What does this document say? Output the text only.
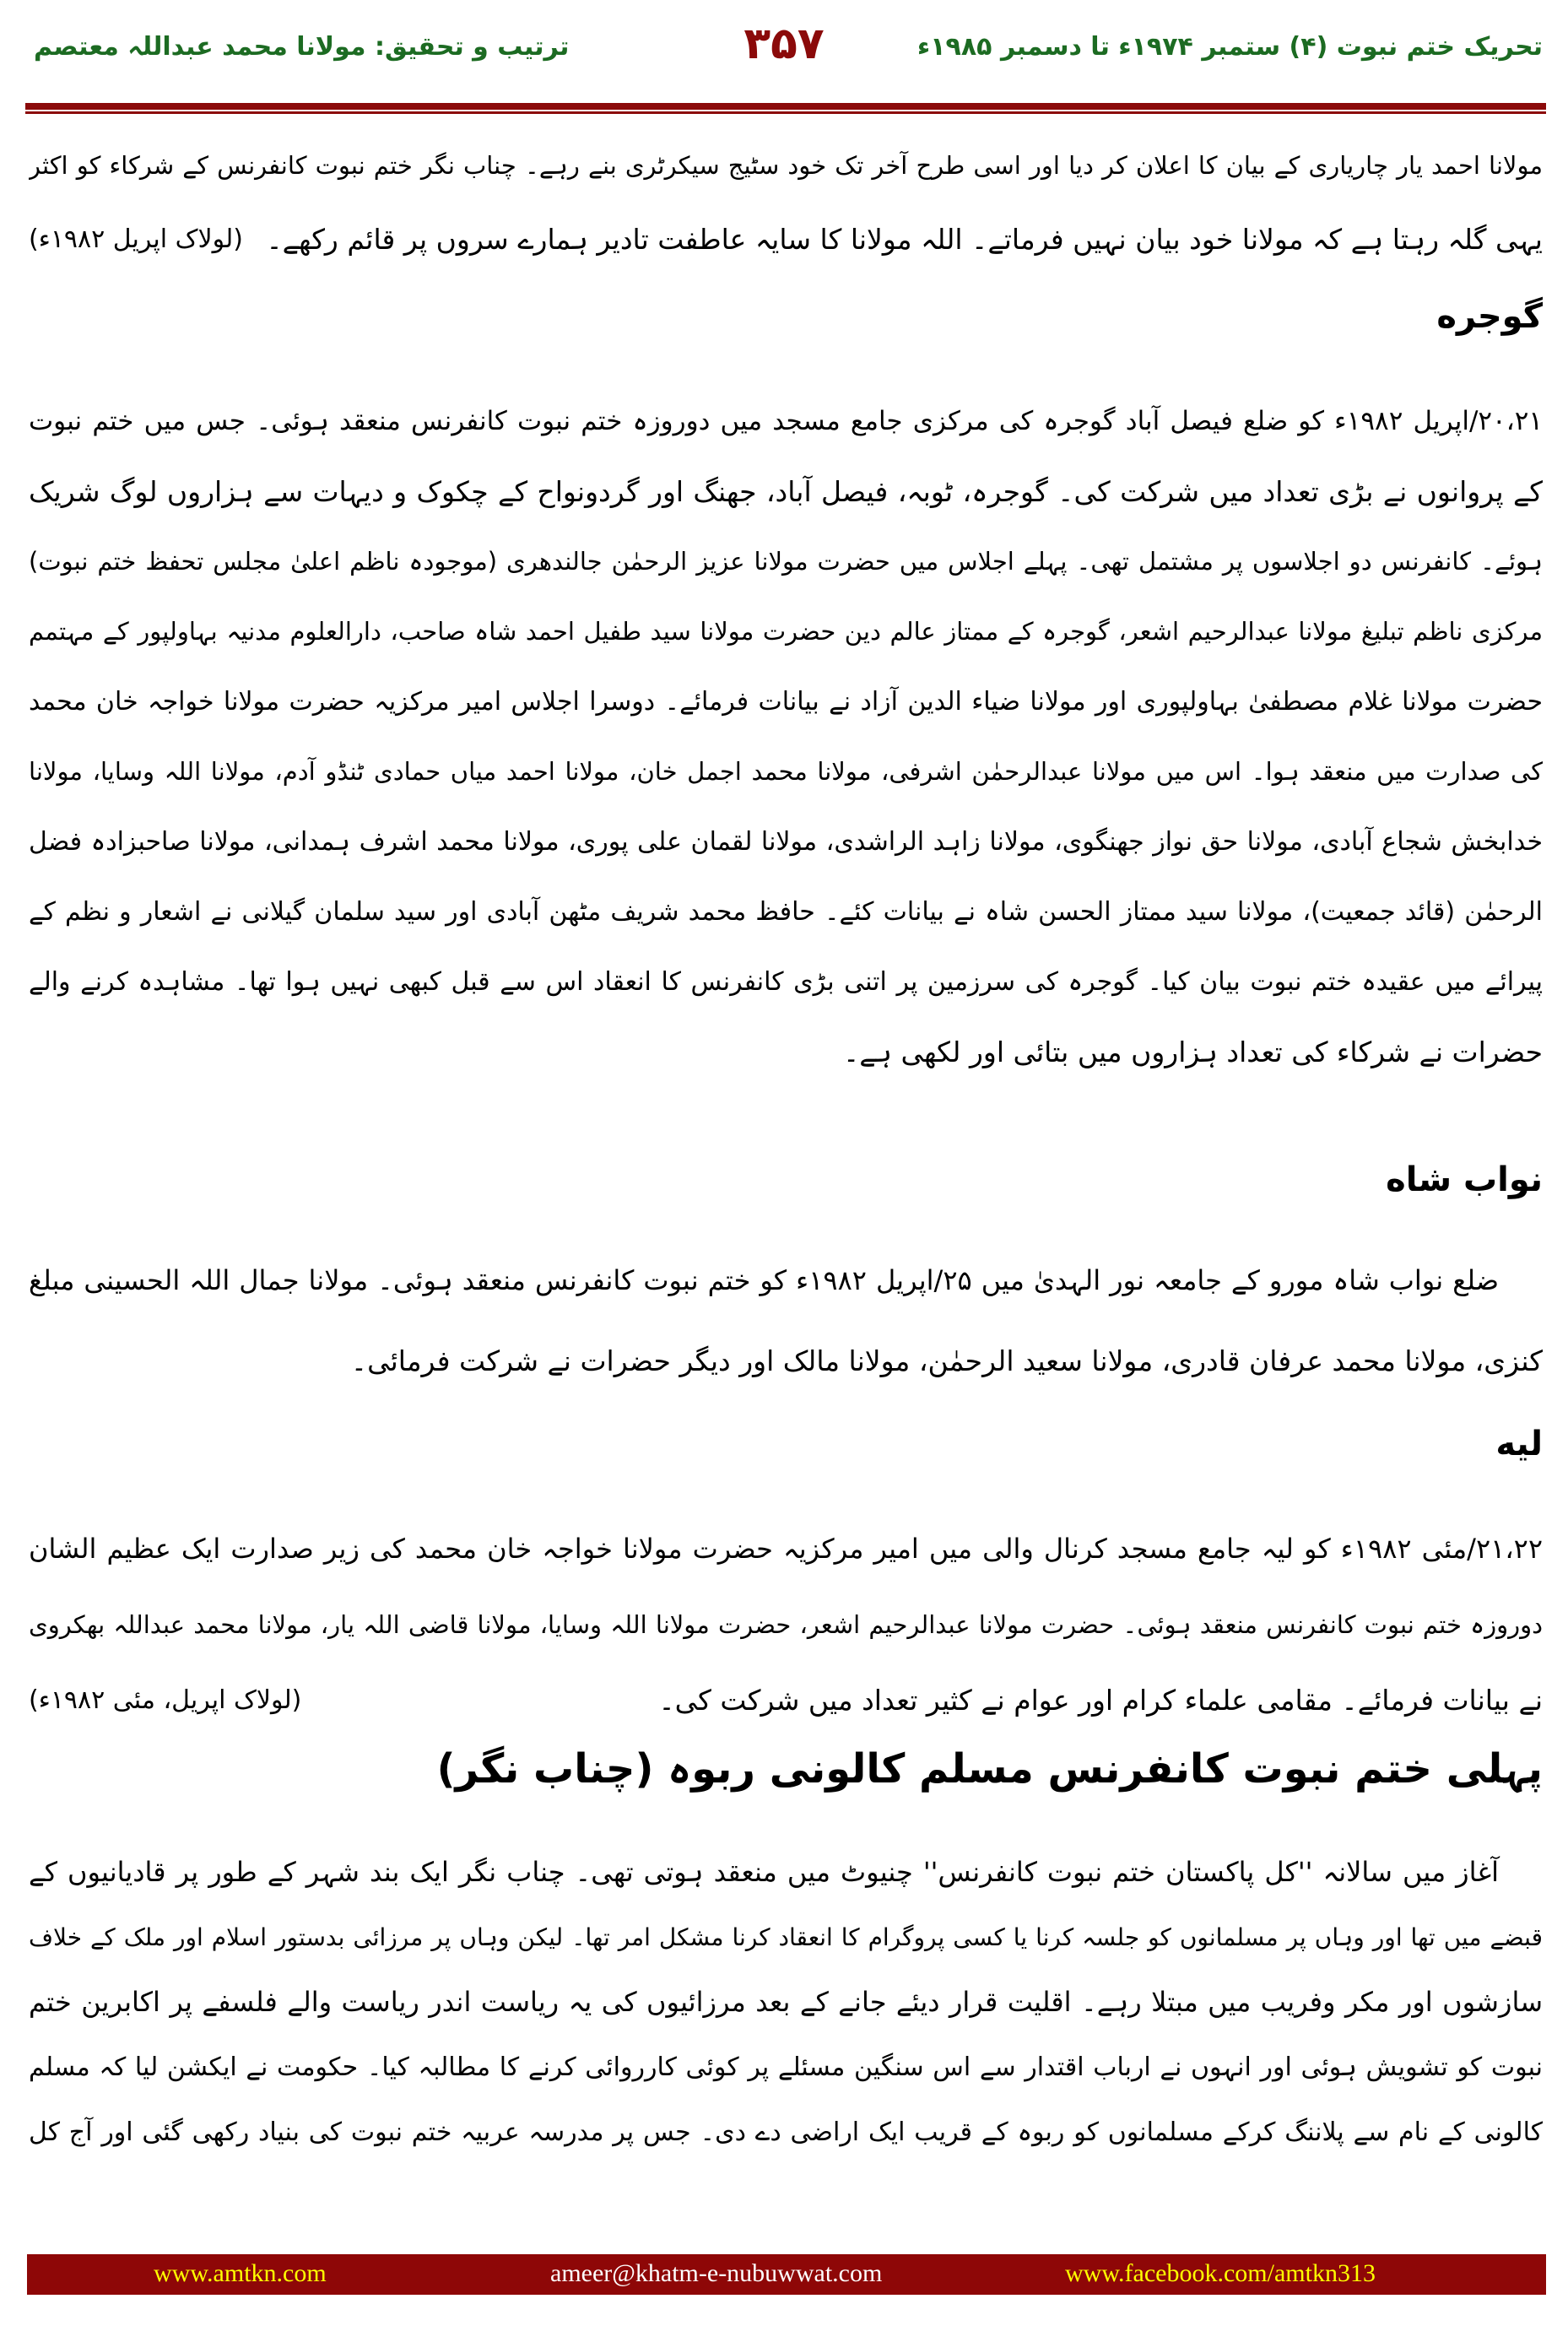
تحریک ختم نبوت (۴) ستمبر ۱۹۷۴ء تا دسمبر ۱۹۸۵ء
۳۵۷
ترتیب و تحقیق: مولانا محمد عبداللہ معتصم
مولانا احمد یار چاریاری کے بیان کا اعلان کر دیا اور اسی طرح آخر تک خود سٹیج سیکرٹری بنے رہے۔ چناب نگر ختم نبوت کانفرنس کے شرکاء کو اکثر
یہی گلہ رہتا ہے کہ مولانا خود بیان نہیں فرماتے۔ اللہ مولانا کا سایہ عاطفت تادیر ہمارے سروں پر قائم رکھے۔
(لولاک اپریل ۱۹۸۲ء)
گوجره
۲۰،۲۱/اپریل ۱۹۸۲ء کو ضلع فیصل آباد گوجرہ کی مرکزی جامع مسجد میں دوروزہ ختم نبوت کانفرنس منعقد ہوئی۔ جس میں ختم نبوت
کے پروانوں نے بڑی تعداد میں شرکت کی۔ گوجرہ، ٹوبہ، فیصل آباد، جھنگ اور گردونواح کے چکوک و دیہات سے ہزاروں لوگ شریک
ہوئے۔ کانفرنس دو اجلاسوں پر مشتمل تھی۔ پہلے اجلاس میں حضرت مولانا عزیز الرحمٰن جالندھری (موجودہ ناظم اعلیٰ مجلس تحفظ ختم نبوت)
مرکزی ناظم تبلیغ مولانا عبدالرحیم اشعر، گوجرہ کے ممتاز عالم دین حضرت مولانا سید طفیل احمد شاہ صاحب، دارالعلوم مدنیہ بہاولپور کے مہتمم
حضرت مولانا غلام مصطفیٰ بہاولپوری اور مولانا ضیاء الدین آزاد نے بیانات فرمائے۔ دوسرا اجلاس امیر مرکزیہ حضرت مولانا خواجہ خان محمد
کی صدارت میں منعقد ہوا۔ اس میں مولانا عبدالرحمٰن اشرفی، مولانا محمد اجمل خان، مولانا احمد میاں حمادی ٹنڈو آدم، مولانا اللہ وسایا، مولانا
خدابخش شجاع آبادی، مولانا حق نواز جھنگوی، مولانا زاہد الراشدی، مولانا لقمان علی پوری، مولانا محمد اشرف ہمدانی، مولانا صاحبزادہ فضل
الرحمٰن (قائد جمعیت)، مولانا سید ممتاز الحسن شاہ نے بیانات کئے۔ حافظ محمد شریف مٹھن آبادی اور سید سلمان گیلانی نے اشعار و نظم کے
پیرائے میں عقیدہ ختم نبوت بیان کیا۔ گوجرہ کی سرزمین پر اتنی بڑی کانفرنس کا انعقاد اس سے قبل کبھی نہیں ہوا تھا۔ مشاہدہ کرنے والے
حضرات نے شرکاء کی تعداد ہزاروں میں بتائی اور لکھی ہے۔
نواب شاه
ضلع نواب شاہ مورو کے جامعہ نور الہدیٰ میں ۲۵/اپریل ۱۹۸۲ء کو ختم نبوت کانفرنس منعقد ہوئی۔ مولانا جمال اللہ الحسینی مبلغ
کنزی، مولانا محمد عرفان قادری، مولانا سعید الرحمٰن، مولانا مالک اور دیگر حضرات نے شرکت فرمائی۔
لیه
۲۱،۲۲/مئی ۱۹۸۲ء کو لیہ جامع مسجد کرنال والی میں امیر مرکزیہ حضرت مولانا خواجہ خان محمد کی زیر صدارت ایک عظیم الشان
دوروزہ ختم نبوت کانفرنس منعقد ہوئی۔ حضرت مولانا عبدالرحیم اشعر، حضرت مولانا اللہ وسایا، مولانا قاضی اللہ یار، مولانا محمد عبداللہ بھکروی
نے بیانات فرمائے۔ مقامی علماء کرام اور عوام نے کثیر تعداد میں شرکت کی۔
(لولاک اپریل، مئی ۱۹۸۲ء)
پہلی ختم نبوت کانفرنس مسلم کالونی ربوہ (چناب نگر)
آغاز میں سالانہ ''کل پاکستان ختم نبوت کانفرنس'' چنیوٹ میں منعقد ہوتی تھی۔ چناب نگر ایک بند شہر کے طور پر قادیانیوں کے
قبضے میں تھا اور وہاں پر مسلمانوں کو جلسہ کرنا یا کسی پروگرام کا انعقاد کرنا مشکل امر تھا۔ لیکن وہاں پر مرزائی بدستور اسلام اور ملک کے خلاف
سازشوں اور مکر وفریب میں مبتلا رہے۔ اقلیت قرار دیئے جانے کے بعد مرزائیوں کی یہ ریاست اندر ریاست والے فلسفے پر اکابرین ختم
نبوت کو تشویش ہوئی اور انہوں نے ارباب اقتدار سے اس سنگین مسئلے پر کوئی کارروائی کرنے کا مطالبہ کیا۔ حکومت نے ایکشن لیا کہ مسلم
کالونی کے نام سے پلاننگ کرکے مسلمانوں کو ربوہ کے قریب ایک اراضی دے دی۔ جس پر مدرسہ عربیہ ختم نبوت کی بنیاد رکھی گئی اور آج کل
www.amtkn.com	ameer@khatm-e-nubuwwat.com	www.facebook.com/amtkn313
